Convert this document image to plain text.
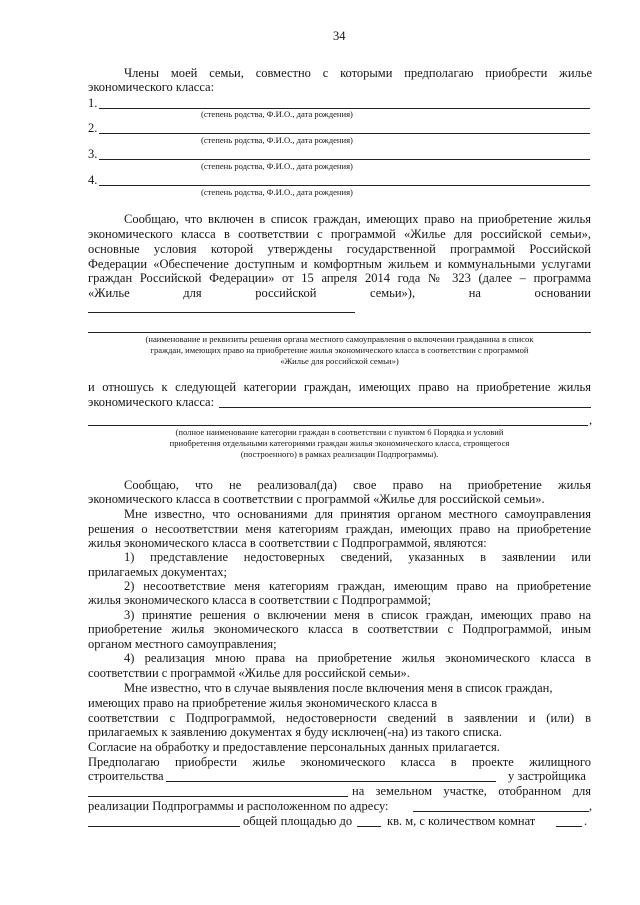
34
Члены моей семьи, совместно с которыми предполагаю приобрести жилье
экономического класса:
1.
(степень родства, Ф.И.О., дата рождения)
2.
(степень родства, Ф.И.О., дата рождения)
3.
(степень родства, Ф.И.О., дата рождения)
4.
(степень родства, Ф.И.О., дата рождения)
Сообщаю, что включен в список граждан, имеющих право на приобретение жилья
экономического класса в соответствии с программой «Жилье для российской семьи»,
основные условия которой утверждены государственной программой Российской
Федерации «Обеспечение доступным и комфортным жильем и коммунальными услугами
граждан Российской Федерации» от 15 апреля 2014 года № 323 (далее – программа
«Жилье	для	российской	семьи»),	на	основании
(наименование и реквизиты решения органа местного самоуправления о включении гражданина в список
граждан, имеющих право на приобретение жилья экономического класса в соответствии с программой
«Жилье для российской семьи»)
и отношусь к следующей категории граждан, имеющих право на приобретение жилья
экономического класса:
,
(полное наименование категории граждан в соответствии с пунктом 6 Порядка и условий
приобретения отдельными категориями граждан жилья экономического класса, строящегося
(построенного) в рамках реализации Подпрограммы).
Сообщаю, что не реализовал(да) свое право на приобретение жилья
экономического класса в соответствии с программой «Жилье для российской семьи».
Мне известно, что основаниями для принятия органом местного самоуправления
решения о несоответствии меня категориям граждан, имеющих право на приобретение
жилья экономического класса в соответствии с Подпрограммой, являются:
1) представление недостоверных сведений, указанных в заявлении или
прилагаемых документах;
2) несоответствие меня категориям граждан, имеющим право на приобретение
жилья экономического класса в соответствии с Подпрограммой;
3) принятие решения о включении меня в список граждан, имеющих право на
приобретение жилья экономического класса в соответствии с Подпрограммой, иным
органом местного самоуправления;
4) реализация мною права на приобретение жилья экономического класса в
соответствии с программой «Жилье для российской семьи».
Мне известно, что в случае выявления после включения меня в список граждан,
имеющих право на приобретение жилья экономического класса в
соответствии с Подпрограммой, недостоверности сведений в заявлении и (или) в
прилагаемых к заявлению документах я буду исключен(-на) из такого списка.
Согласие на обработку и предоставление персональных данных прилагается.
Предполагаю приобрести жилье экономического класса в проекте жилищного
строительства	у застройщика
на земельном участке, отобранном для
реализации Подпрограммы и расположенном по адресу:	,
общей площадью до	кв. м, с количеством комнат	.
